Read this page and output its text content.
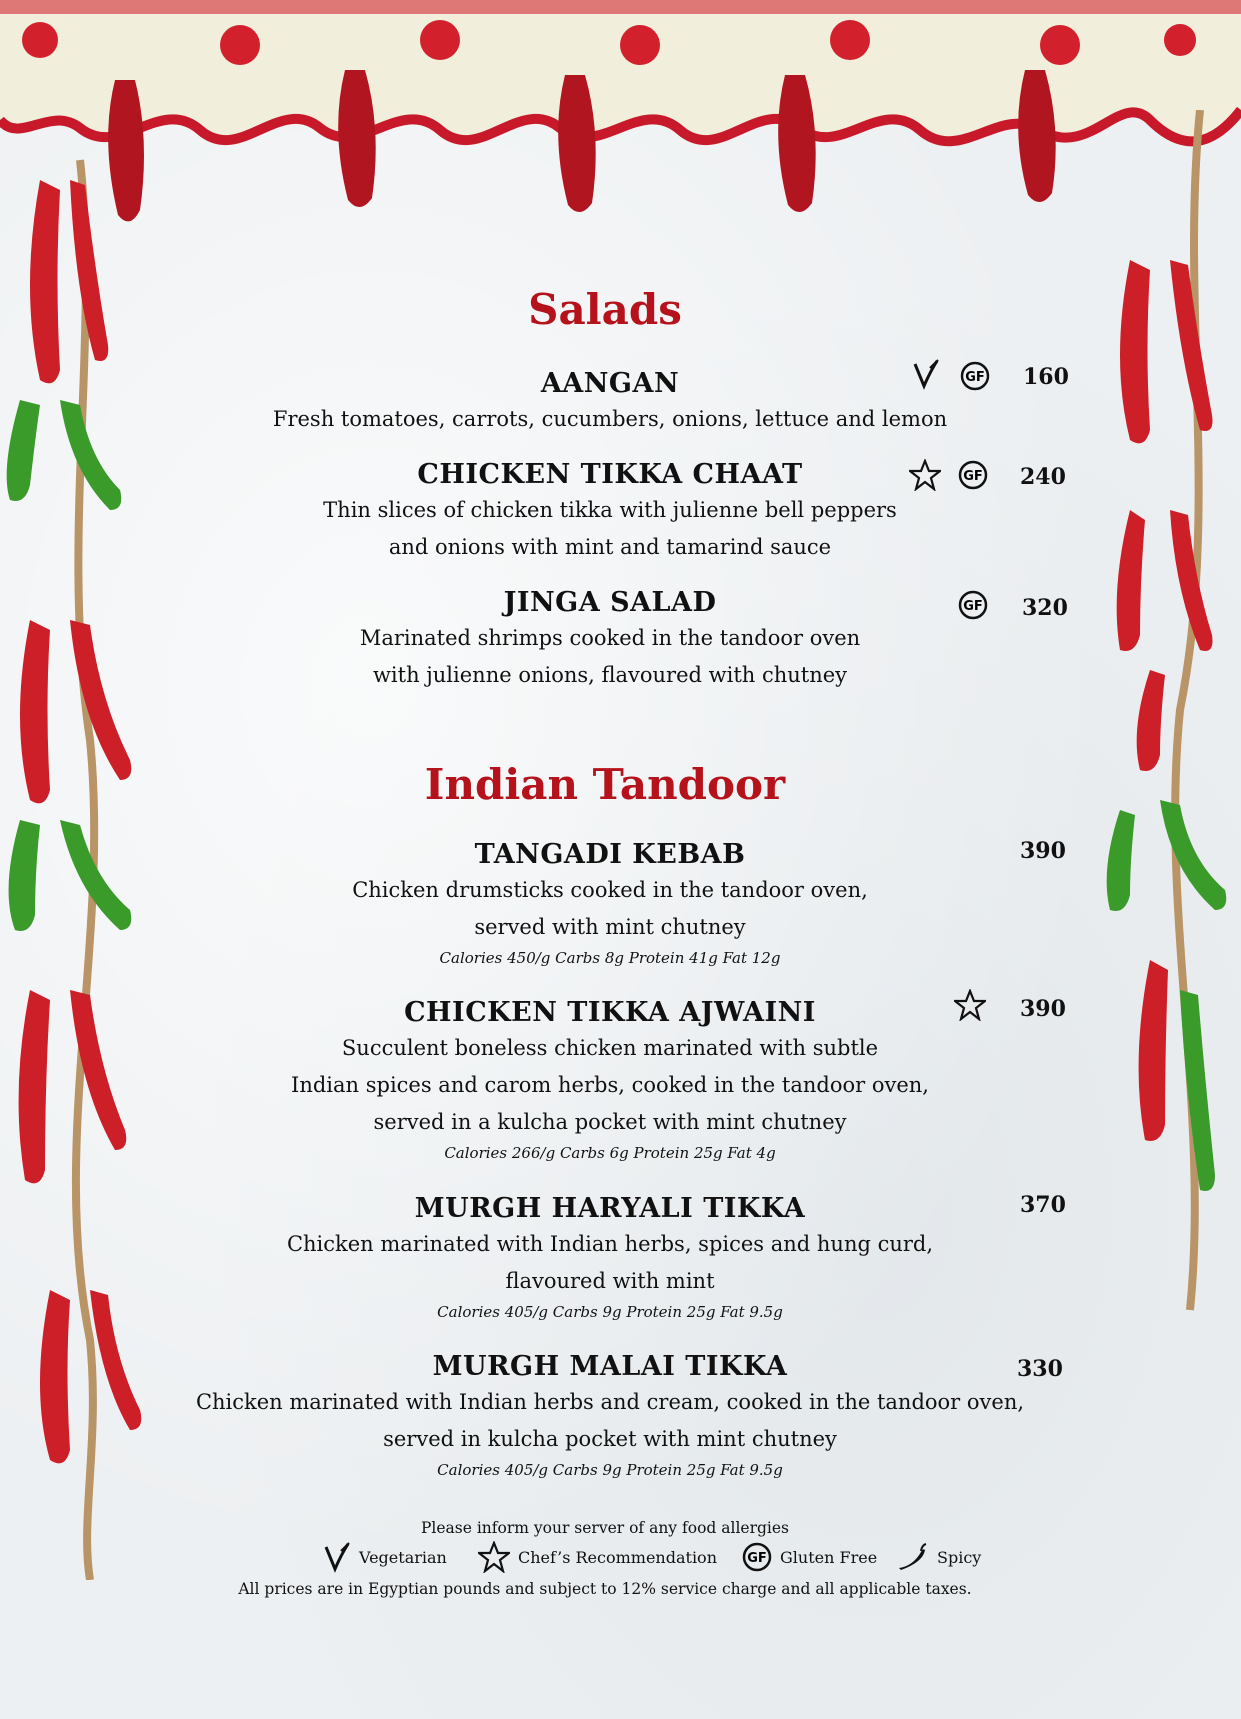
Salads

AANGAN

Fresh tomatoes, carrots, cucumbers, onions, lettuce and lemon

GF 160

CHICKEN TIKKA CHAAT

Thin slices of chicken tikka with julienne bell peppers

and onions with mint and tamarind sauce

GF 240

JINGA SALAD

Marinated shrimps cooked in the tandoor oven

with julienne onions, flavoured with chutney

GF 320
Indian Tandoor

TANGADI KEBAB

Chicken drumsticks cooked in the tandoor oven,

served with mint chutney

Calories 450/g Carbs 8g Protein 41g Fat 12g

390

CHICKEN TIKKA AJWAINI

Succulent boneless chicken marinated with subtle

Indian spices and carom herbs, cooked in the tandoor oven,

served in a kulcha pocket with mint chutney

Calories 266/g Carbs 6g Protein 25g Fat 4g

390

MURGH HARYALI TIKKA

Chicken marinated with Indian herbs, spices and hung curd,

flavoured with mint

Calories 405/g Carbs 9g Protein 25g Fat 9.5g

370

MURGH MALAI TIKKA

Chicken marinated with Indian herbs and cream, cooked in the tandoor oven,

served in kulcha pocket with mint chutney

Calories 405/g Carbs 9g Protein 25g Fat 9.5g

330
Please inform your server of any food allergies
Vegetarian	Chef’s Recommendation GF Gluten Free	Spicy
All prices are in Egyptian pounds and subject to 12% service charge and all applicable taxes.
